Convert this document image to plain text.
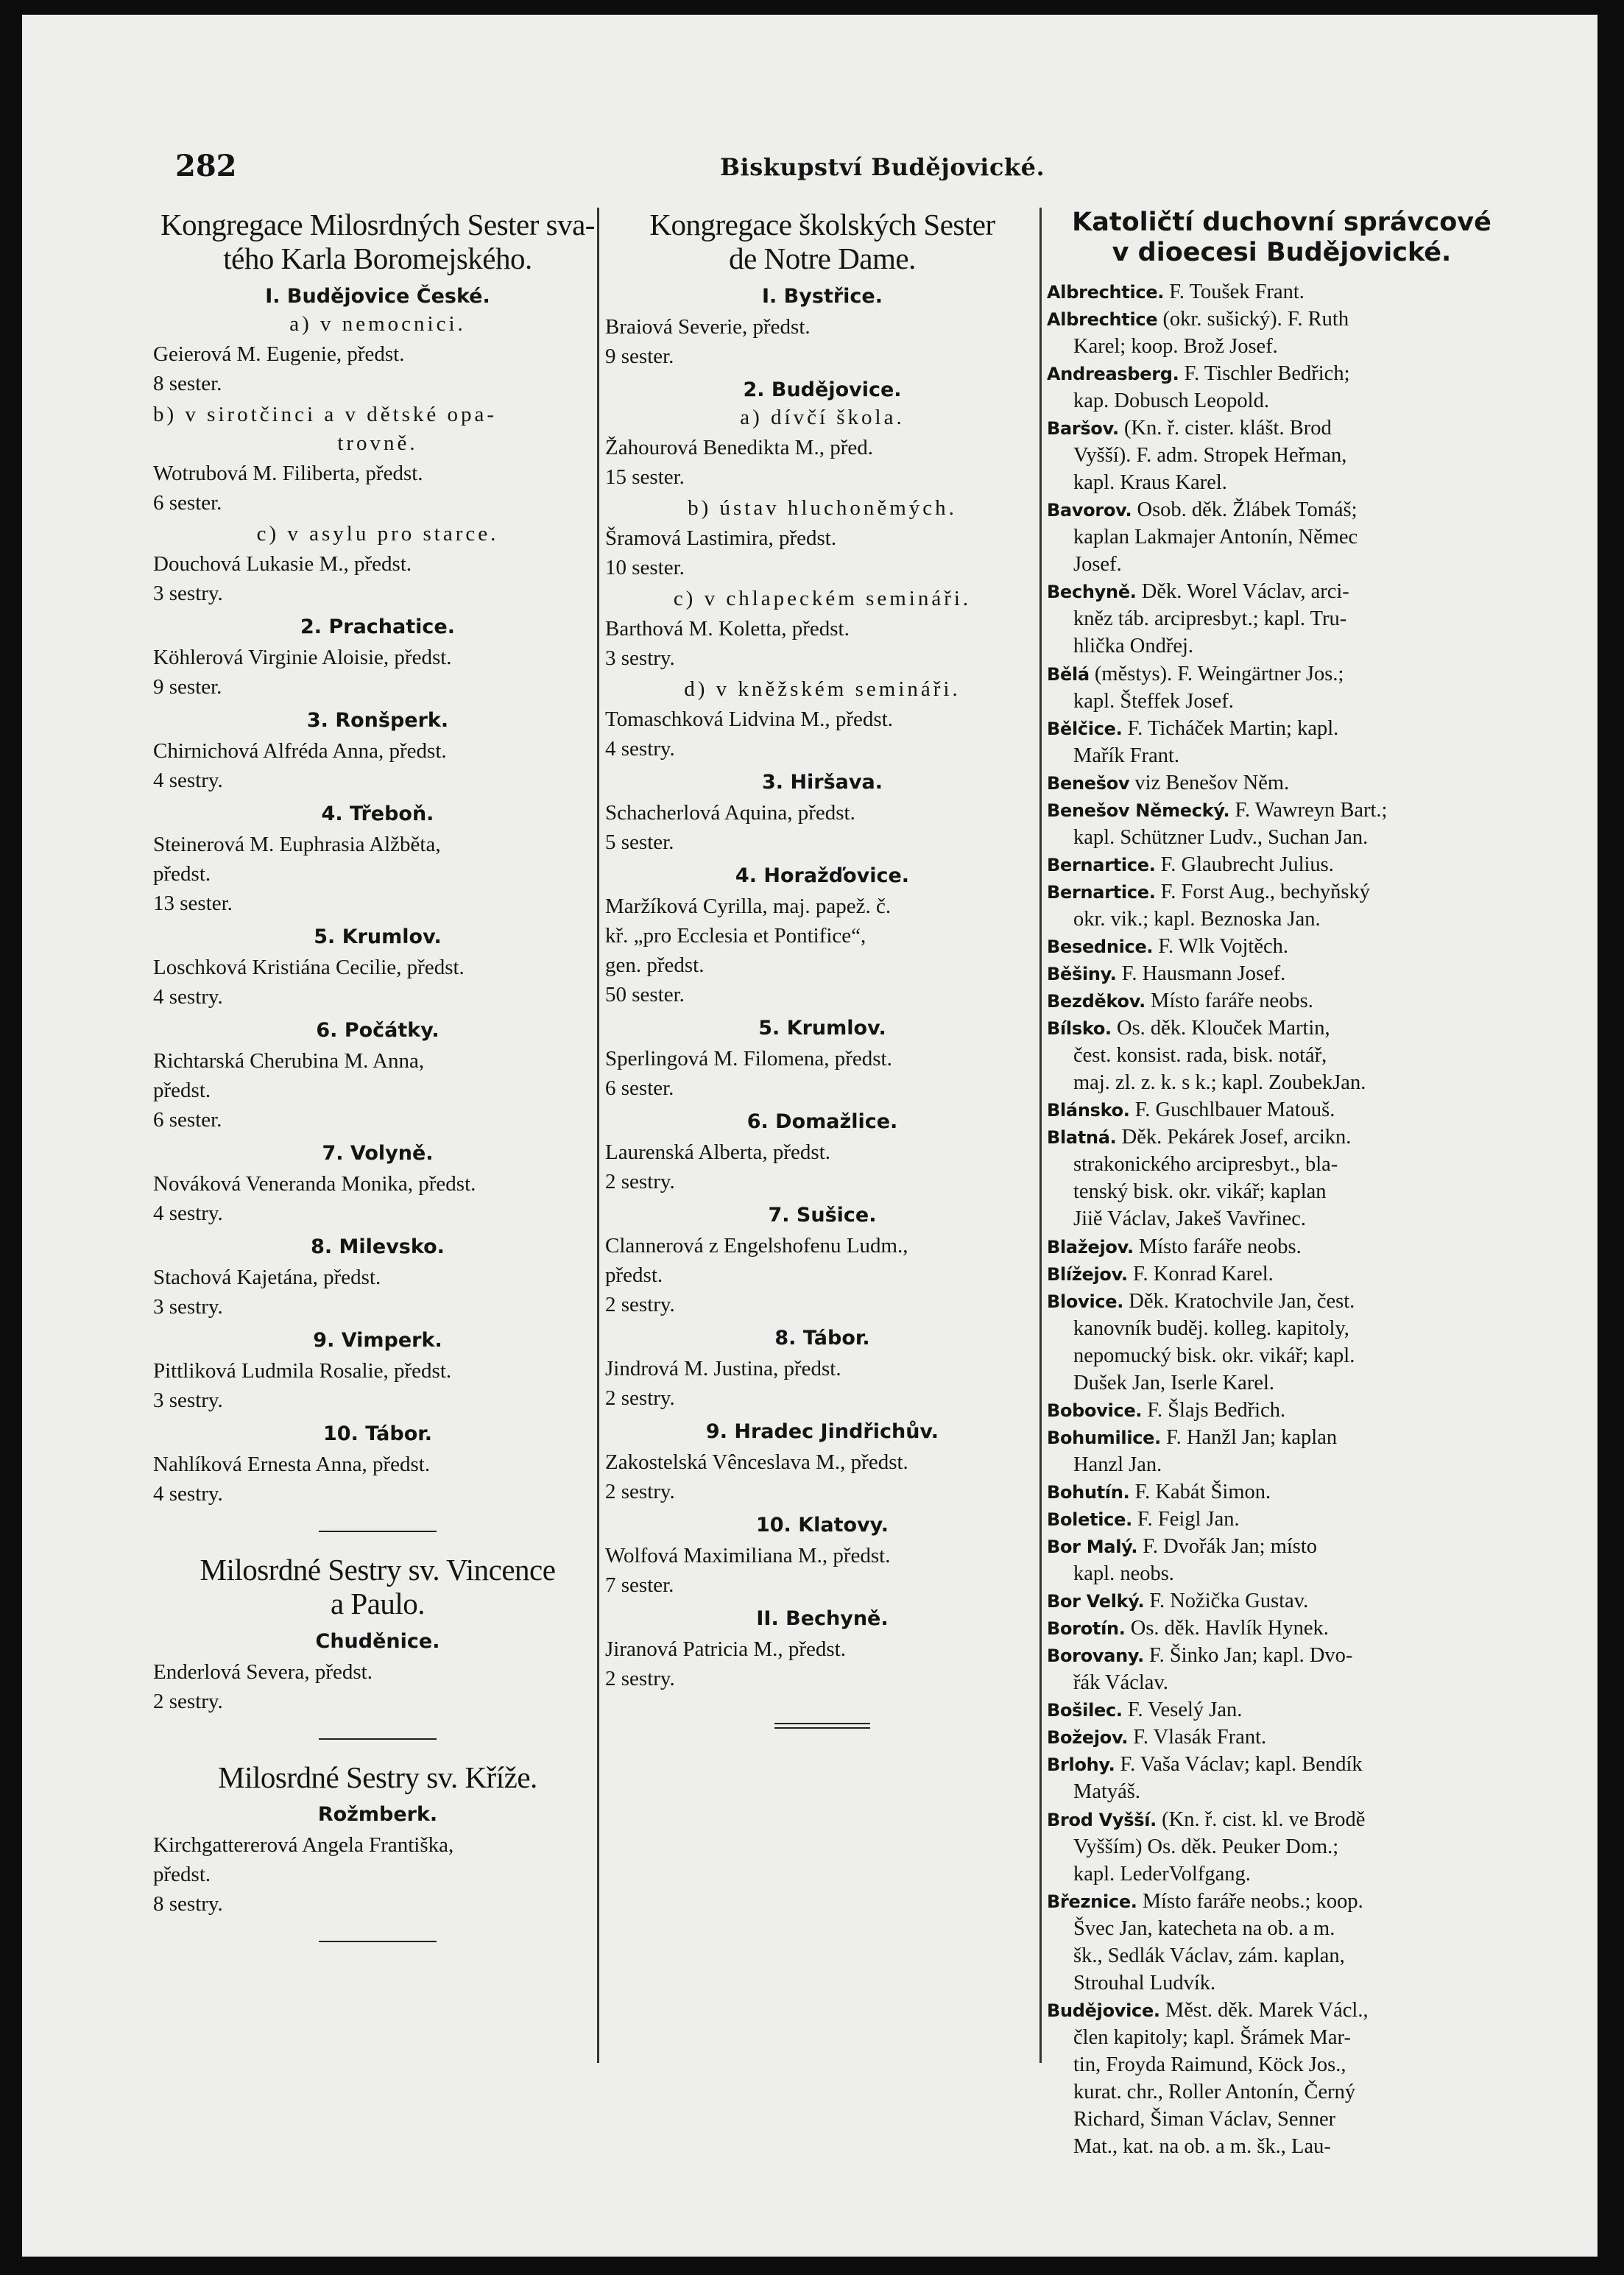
282	Biskupství Budějovické.
Kongregace Milosrdných Sester sva-
tého Karla Boromejského.
I. Budějovice České.
a) v nemocnici.
Geierová M. Eugenie, předst.
8 sester.
b) v sirotčinci a v dětské opa-
trovně.
Wotrubová M. Filiberta, předst.
6 sester.
c) v asylu pro starce.
Douchová Lukasie M., předst.
3 sestry.
2. Prachatice.
Köhlerová Virginie Aloisie, předst.
9 sester.
3. Ronšperk.
Chirnichová Alfréda Anna, předst.
4 sestry.
4. Třeboň.
Steinerová M. Euphrasia Alžběta,
předst.
13 sester.
5. Krumlov.
Loschková Kristiána Cecilie, předst.
4 sestry.
6. Počátky.
Richtarská Cherubina M. Anna,
předst.
6 sester.
7. Volyně.
Nováková Veneranda Monika, předst.
4 sestry.
8. Milevsko.
Stachová Kajetána, předst.
3 sestry.
9. Vimperk.
Pittliková Ludmila Rosalie, předst.
3 sestry.
10. Tábor.
Nahlíková Ernesta Anna, předst.
4 sestry.
Milosrdné Sestry sv. Vincence
a Paulo.
Chuděnice.
Enderlová Severa, předst.
2 sestry.
Milosrdné Sestry sv. Kříže.
Rožmberk.
Kirchgattererová Angela Františka,
předst.
8 sestry.
Kongregace školských Sester
de Notre Dame.
I. Bystřice.
Braiová Severie, předst.
9 sester.
2. Budějovice.
a) dívčí škola.
Žahourová Benedikta M., před.
15 sester.
b) ústav hluchoněmých.
Šramová Lastimira, předst.
10 sester.
c) v chlapeckém semináři.
Barthová M. Koletta, předst.
3 sestry.
d) v kněžském semináři.
Tomaschková Lidvina M., předst.
4 sestry.
3. Hiršava.
Schacherlová Aquina, předst.
5 sester.
4. Horažďovice.
Maržíková Cyrilla, maj. papež. č.
kř. „pro Ecclesia et Pontifice“,
gen. předst.
50 sester.
5. Krumlov.
Sperlingová M. Filomena, předst.
6 sester.
6. Domažlice.
Laurenská Alberta, předst.
2 sestry.
7. Sušice.
Clannerová z Engelshofenu Ludm.,
předst.
2 sestry.
8. Tábor.
Jindrová M. Justina, předst.
2 sestry.
9. Hradec Jindřichův.
Zakostelská Vênceslava M., předst.
2 sestry.
10. Klatovy.
Wolfová Maximiliana M., předst.
7 sester.
II. Bechyně.
Jiranová Patricia M., předst.
2 sestry.
Katoličtí duchovní správcové
v dioecesi Budějovické.
Albrechtice. F. Toušek Frant.
Albrechtice (okr. sušický). F. Ruth
Karel; koop. Brož Josef.
Andreasberg. F. Tischler Bedřich;
kap. Dobusch Leopold.
Baršov. (Kn. ř. cister. klášt. Brod
Vyšší). F. adm. Stropek Heřman,
kapl. Kraus Karel.
Bavorov. Osob. děk. Žlábek Tomáš;
kaplan Lakmajer Antonín, Němec
Josef.
Bechyně. Děk. Worel Václav, arci-
kněz táb. arcipresbyt.; kapl. Tru-
hlička Ondřej.
Bělá (městys). F. Weingärtner Jos.;
kapl. Šteffek Josef.
Bělčice. F. Ticháček Martin; kapl.
Mařík Frant.
Benešov viz Benešov Něm.
Benešov Německý. F. Wawreyn Bart.;
kapl. Schützner Ludv., Suchan Jan.
Bernartice. F. Glaubrecht Julius.
Bernartice. F. Forst Aug., bechyňský
okr. vik.; kapl. Beznoska Jan.
Besednice. F. Wlk Vojtěch.
Běšiny. F. Hausmann Josef.
Bezděkov. Místo faráře neobs.
Bílsko. Os. děk. Klouček Martin,
čest. konsist. rada, bisk. notář,
maj. zl. z. k. s k.; kapl. ZoubekJan.
Blánsko. F. Guschlbauer Matouš.
Blatná. Děk. Pekárek Josef, arcikn.
strakonického arcipresbyt., bla-
tenský bisk. okr. vikář; kaplan
Jiiě Václav, Jakeš Vavřinec.
Blažejov. Místo faráře neobs.
Blížejov. F. Konrad Karel.
Blovice. Děk. Kratochvile Jan, čest.
kanovník buděj. kolleg. kapitoly,
nepomucký bisk. okr. vikář; kapl.
Dušek Jan, Iserle Karel.
Bobovice. F. Šlajs Bedřich.
Bohumilice. F. Hanžl Jan; kaplan
Hanzl Jan.
Bohutín. F. Kabát Šimon.
Boletice. F. Feigl Jan.
Bor Malý. F. Dvořák Jan; místo
kapl. neobs.
Bor Velký. F. Nožička Gustav.
Borotín. Os. děk. Havlík Hynek.
Borovany. F. Šinko Jan; kapl. Dvo-
řák Václav.
Bošilec. F. Veselý Jan.
Božejov. F. Vlasák Frant.
Brlohy. F. Vaša Václav; kapl. Bendík
Matyáš.
Brod Vyšší. (Kn. ř. cist. kl. ve Brodě
Vyšším) Os. děk. Peuker Dom.;
kapl. LederVolfgang.
Březnice. Místo faráře neobs.; koop.
Švec Jan, katecheta na ob. a m.
šk., Sedlák Václav, zám. kaplan,
Strouhal Ludvík.
Budějovice. Měst. děk. Marek Václ.,
člen kapitoly; kapl. Šrámek Mar-
tin, Froyda Raimund, Köck Jos.,
kurat. chr., Roller Antonín, Černý
Richard, Šiman Václav, Senner
Mat., kat. na ob. a m. šk., Lau-
